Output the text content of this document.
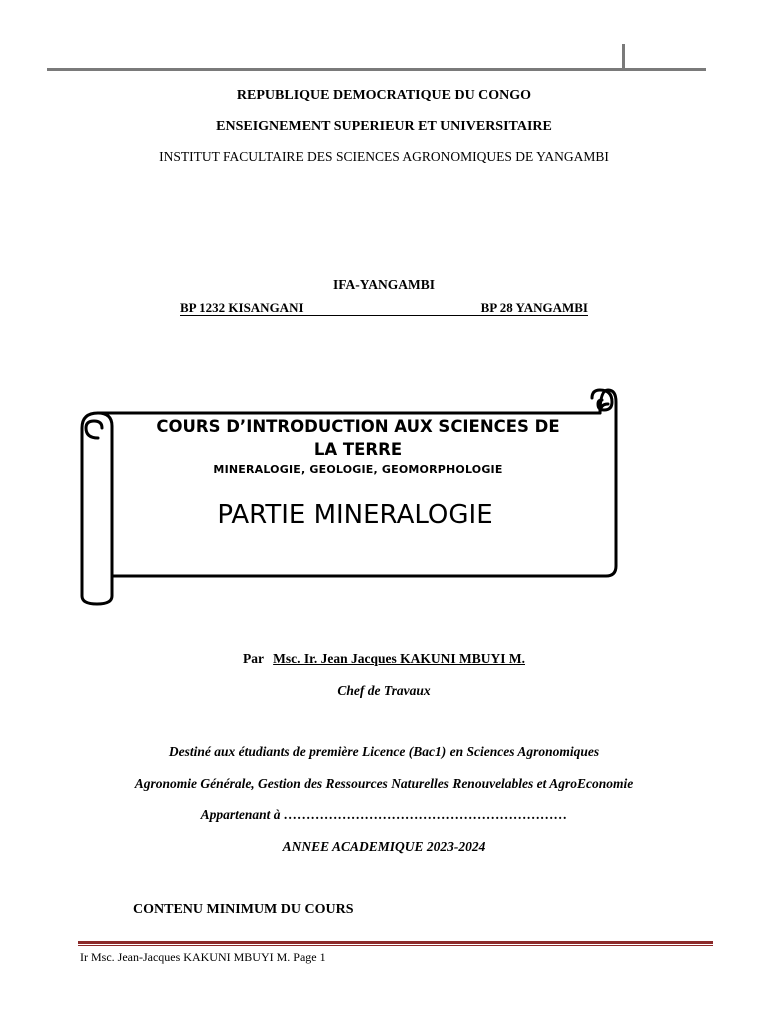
REPUBLIQUE DEMOCRATIQUE DU CONGO
ENSEIGNEMENT SUPERIEUR ET UNIVERSITAIRE
INSTITUT FACULTAIRE DES SCIENCES AGRONOMIQUES DE YANGAMBI
IFA-YANGAMBI
BP 1232 KISANGANI	BP 28 YANGAMBI
COURS D’INTRODUCTION AUX SCIENCES DE
LA TERRE
MINERALOGIE, GEOLOGIE, GEOMORPHOLOGIE
PARTIE MINERALOGIE
Par Msc. Ir. Jean Jacques KAKUNI MBUYI M.
Chef de Travaux
Destiné aux étudiants de première Licence (Bac1) en Sciences Agronomiques
Agronomie Générale, Gestion des Ressources Naturelles Renouvelables et AgroEconomie
Appartenant à ………………………………………………………
ANNEE ACADEMIQUE 2023-2024
CONTENU MINIMUM DU COURS
Ir Msc. Jean-Jacques KAKUNI MBUYI M. Page 1
